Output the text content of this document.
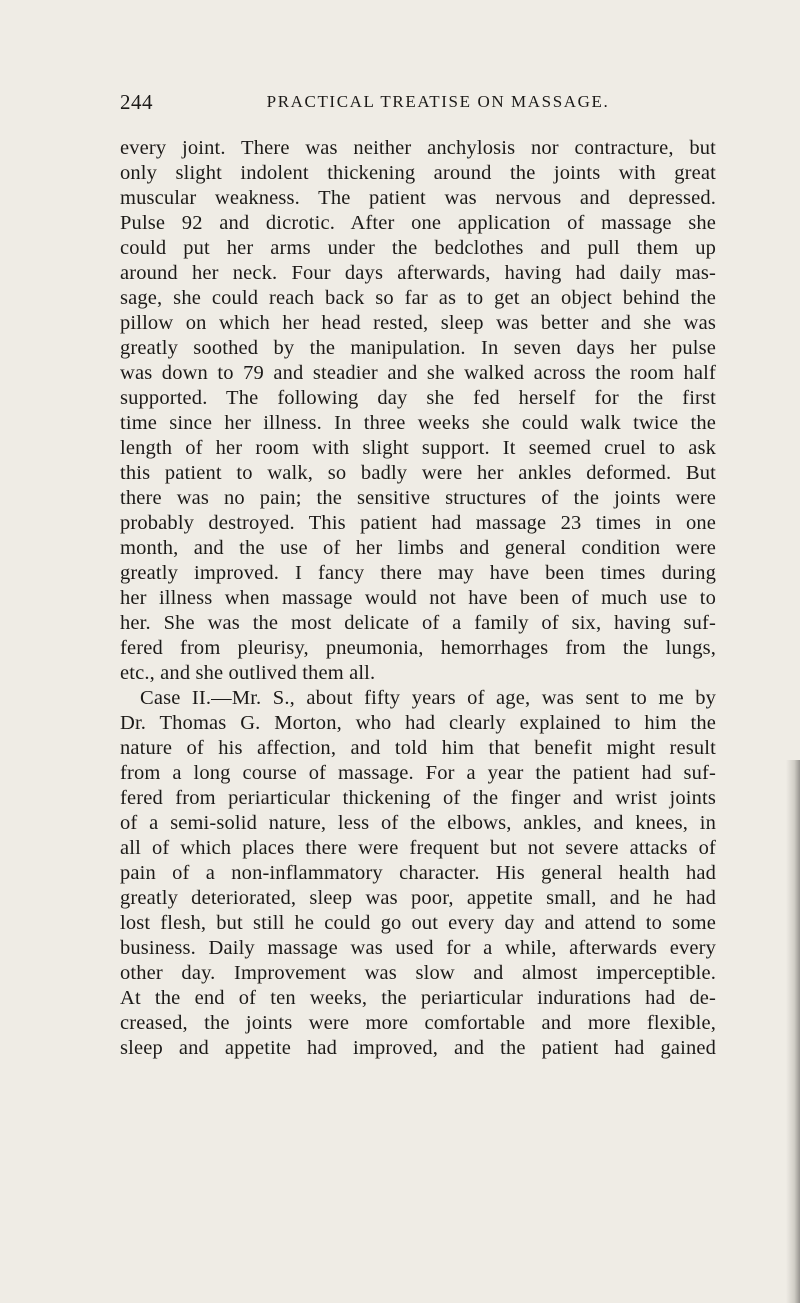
244	PRACTICAL TREATISE ON MASSAGE.
every joint. There was neither anchylosis nor contracture, but
only slight indolent thickening around the joints with great
muscular weakness. The patient was nervous and depressed.
Pulse 92 and dicrotic. After one application of massage she
could put her arms under the bedclothes and pull them up
around her neck. Four days afterwards, having had daily mas-
sage, she could reach back so far as to get an object behind the
pillow on which her head rested, sleep was better and she was
greatly soothed by the manipulation. In seven days her pulse
was down to 79 and steadier and she walked across the room half
supported. The following day she fed herself for the first
time since her illness. In three weeks she could walk twice the
length of her room with slight support. It seemed cruel to ask
this patient to walk, so badly were her ankles deformed. But
there was no pain; the sensitive structures of the joints were
probably destroyed. This patient had massage 23 times in one
month, and the use of her limbs and general condition were
greatly improved. I fancy there may have been times during
her illness when massage would not have been of much use to
her. She was the most delicate of a family of six, having suf-
fered from pleurisy, pneumonia, hemorrhages from the lungs,
etc., and she outlived them all.
Case II.—Mr. S., about fifty years of age, was sent to me by
Dr. Thomas G. Morton, who had clearly explained to him the
nature of his affection, and told him that benefit might result
from a long course of massage. For a year the patient had suf-
fered from periarticular thickening of the finger and wrist joints
of a semi-solid nature, less of the elbows, ankles, and knees, in
all of which places there were frequent but not severe attacks of
pain of a non-inflammatory character. His general health had
greatly deteriorated, sleep was poor, appetite small, and he had
lost flesh, but still he could go out every day and attend to some
business. Daily massage was used for a while, afterwards every
other day. Improvement was slow and almost imperceptible.
At the end of ten weeks, the periarticular indurations had de-
creased, the joints were more comfortable and more flexible,
sleep and appetite had improved, and the patient had gained
